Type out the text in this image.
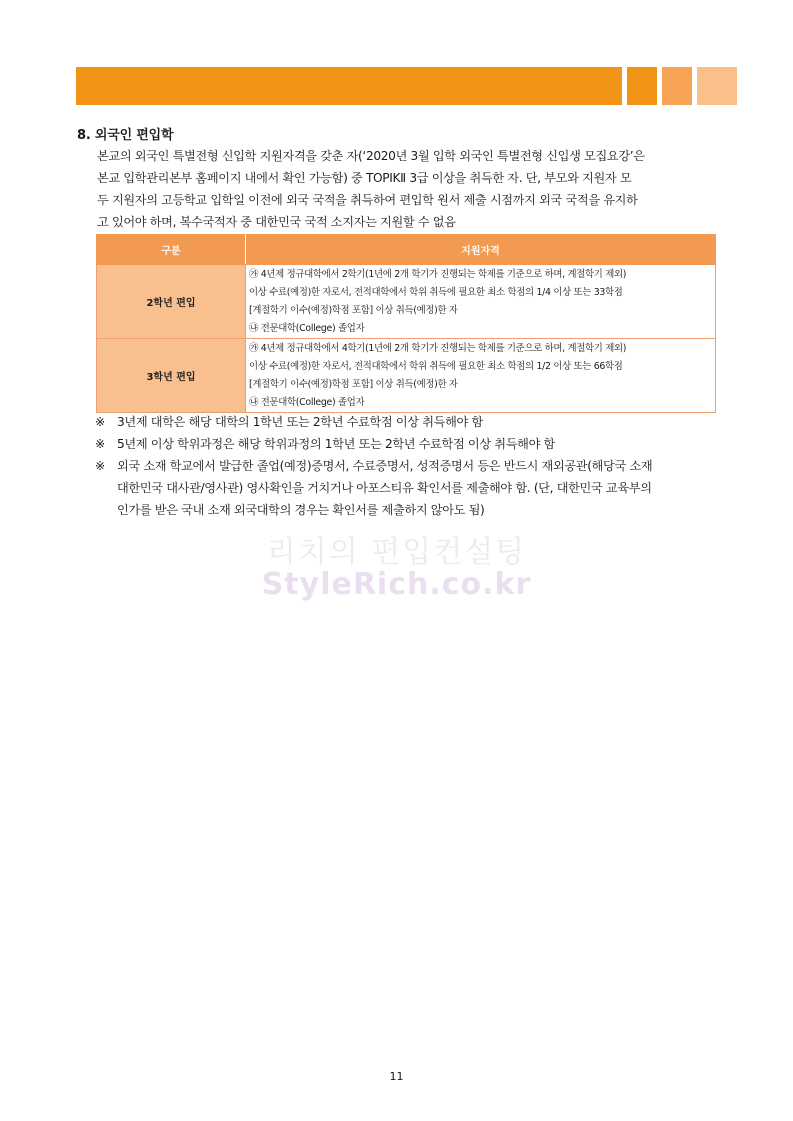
8. 외국인 편입학
본교의 외국인 특별전형 신입학 지원자격을 갖춘 자(‘2020년 3월 입학 외국인 특별전형 신입생 모집요강’은
본교 입학관리본부 홈페이지 내에서 확인 가능함) 중 TOPIKⅡ 3급 이상을 취득한 자. 단, 부모와 지원자 모
두 지원자의 고등학교 입학일 이전에 외국 국적을 취득하여 편입학 원서 제출 시점까지 외국 국적을 유지하
고 있어야 하며, 복수국적자 중 대한민국 국적 소지자는 지원할 수 없음
구분	지원자격
2학년 편입	㉮ 4년제 정규대학에서 2학기(1년에 2개 학기가 진행되는 학제를 기준으로 하며, 계절학기 제외)
이상 수료(예정)한 자로서, 전적대학에서 학위 취득에 필요한 최소 학점의 1/4 이상 또는 33학점
[계절학기 이수(예정)학점 포함] 이상 취득(예정)한 자
㉯ 전문대학(College) 졸업자

3학년 편입	㉮ 4년제 정규대학에서 4학기(1년에 2개 학기가 진행되는 학제를 기준으로 하며, 계절학기 제외)
이상 수료(예정)한 자로서, 전적대학에서 학위 취득에 필요한 최소 학점의 1/2 이상 또는 66학점
[계절학기 이수(예정)학점 포함] 이상 취득(예정)한 자
㉯ 전문대학(College) 졸업자
※ 3년제 대학은 해당 대학의 1학년 또는 2학년 수료학점 이상 취득해야 함
※ 5년제 이상 학위과정은 해당 학위과정의 1학년 또는 2학년 수료학점 이상 취득해야 함
※ 외국 소재 학교에서 발급한 졸업(예정)증명서, 수료증명서, 성적증명서 등은 반드시 재외공관(해당국 소재
대한민국 대사관/영사관) 영사확인을 거치거나 아포스티유 확인서를 제출해야 함. (단, 대한민국 교육부의
인가를 받은 국내 소재 외국대학의 경우는 확인서를 제출하지 않아도 됨)
리치의 편입컨설팅
StyleRich.co.kr
11
